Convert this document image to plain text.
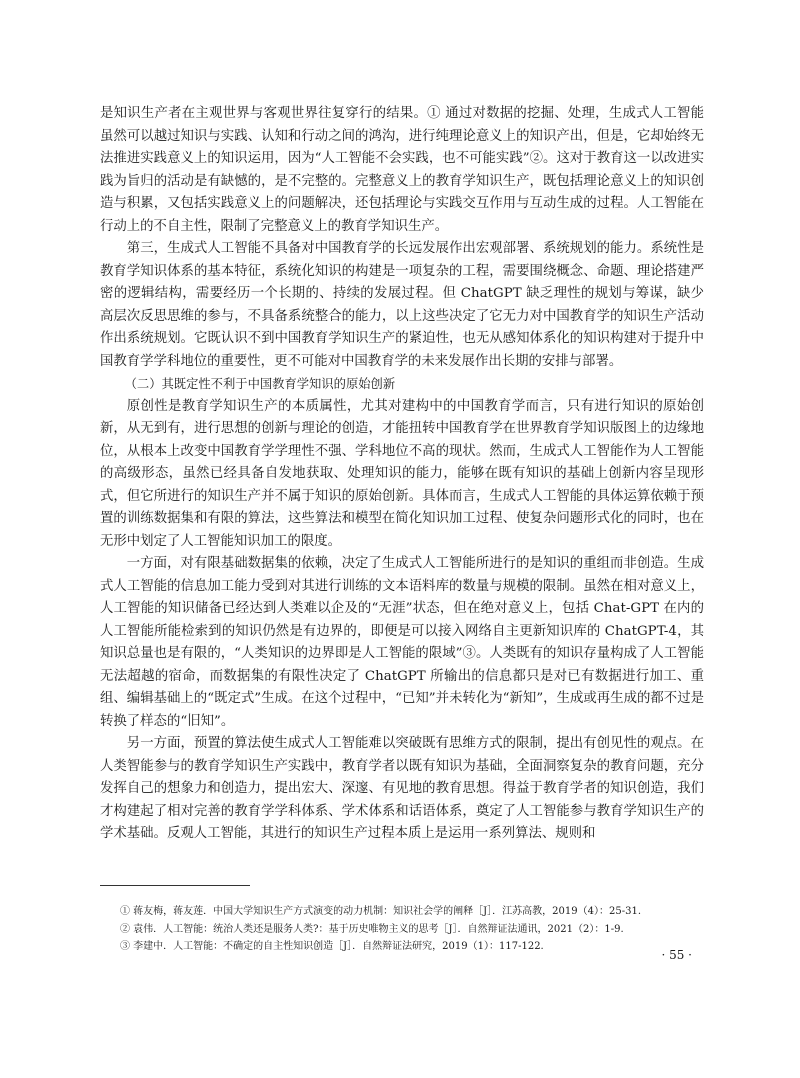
是知识生产者在主观世界与客观世界往复穿行的结果。① 通过对数据的挖掘、处理，生成式人工智能虽然可以越过知识与实践、认知和行动之间的鸿沟，进行纯理论意义上的知识产出，但是，它却始终无法推进实践意义上的知识运用，因为“人工智能不会实践，也不可能实践”②。这对于教育这一以改进实践为旨归的活动是有缺憾的，是不完整的。完整意义上的教育学知识生产，既包括理论意义上的知识创造与积累，又包括实践意义上的问题解决，还包括理论与实践交互作用与互动生成的过程。人工智能在行动上的不自主性，限制了完整意义上的教育学知识生产。

第三，生成式人工智能不具备对中国教育学的长远发展作出宏观部署、系统规划的能力。系统性是教育学知识体系的基本特征，系统化知识的构建是一项复杂的工程，需要围绕概念、命题、理论搭建严密的逻辑结构，需要经历一个长期的、持续的发展过程。但 ChatGPT 缺乏理性的规划与筹谋，缺少高层次反思思维的参与，不具备系统整合的能力，以上这些决定了它无力对中国教育学的知识生产活动作出系统规划。它既认识不到中国教育学知识生产的紧迫性，也无从感知体系化的知识构建对于提升中国教育学学科地位的重要性，更不可能对中国教育学的未来发展作出长期的安排与部署。

（二）其既定性不利于中国教育学知识的原始创新

原创性是教育学知识生产的本质属性，尤其对建构中的中国教育学而言，只有进行知识的原始创新，从无到有，进行思想的创新与理论的创造，才能扭转中国教育学在世界教育学知识版图上的边缘地位，从根本上改变中国教育学学理性不强、学科地位不高的现状。然而，生成式人工智能作为人工智能的高级形态，虽然已经具备自发地获取、处理知识的能力，能够在既有知识的基础上创新内容呈现形式，但它所进行的知识生产并不属于知识的原始创新。具体而言，生成式人工智能的具体运算依赖于预置的训练数据集和有限的算法，这些算法和模型在简化知识加工过程、使复杂问题形式化的同时，也在无形中划定了人工智能知识加工的限度。

一方面，对有限基础数据集的依赖，决定了生成式人工智能所进行的是知识的重组而非创造。生成式人工智能的信息加工能力受到对其进行训练的文本语料库的数量与规模的限制。虽然在相对意义上，人工智能的知识储备已经达到人类难以企及的“无涯”状态，但在绝对意义上，包括 Chat-GPT 在内的人工智能所能检索到的知识仍然是有边界的，即便是可以接入网络自主更新知识库的 ChatGPT-4，其知识总量也是有限的，“人类知识的边界即是人工智能的限域”③。人类既有的知识存量构成了人工智能无法超越的宿命，而数据集的有限性决定了 ChatGPT 所输出的信息都只是对已有数据进行加工、重组、编辑基础上的“既定式”生成。在这个过程中，“已知”并未转化为“新知”，生成或再生成的都不过是转换了样态的“旧知”。

另一方面，预置的算法使生成式人工智能难以突破既有思维方式的限制，提出有创见性的观点。在人类智能参与的教育学知识生产实践中，教育学者以既有知识为基础，全面洞察复杂的教育问题，充分发挥自己的想象力和创造力，提出宏大、深邃、有见地的教育思想。得益于教育学者的知识创造，我们才构建起了相对完善的教育学学科体系、学术体系和话语体系，奠定了人工智能参与教育学知识生产的学术基础。反观人工智能，其进行的知识生产过程本质上是运用一系列算法、规则和

① 蒋友梅，蒋友莲．中国大学知识生产方式演变的动力机制：知识社会学的阐释［J］．江苏高教，2019（4）：25-31.

② 袁伟．人工智能：统治人类还是服务人类?：基于历史唯物主义的思考［J］．自然辩证法通讯，2021（2）：1-9.

③ 李建中．人工智能：不确定的自主性知识创造［J］．自然辩证法研究，2019（1）：117-122.

· 55 ·
